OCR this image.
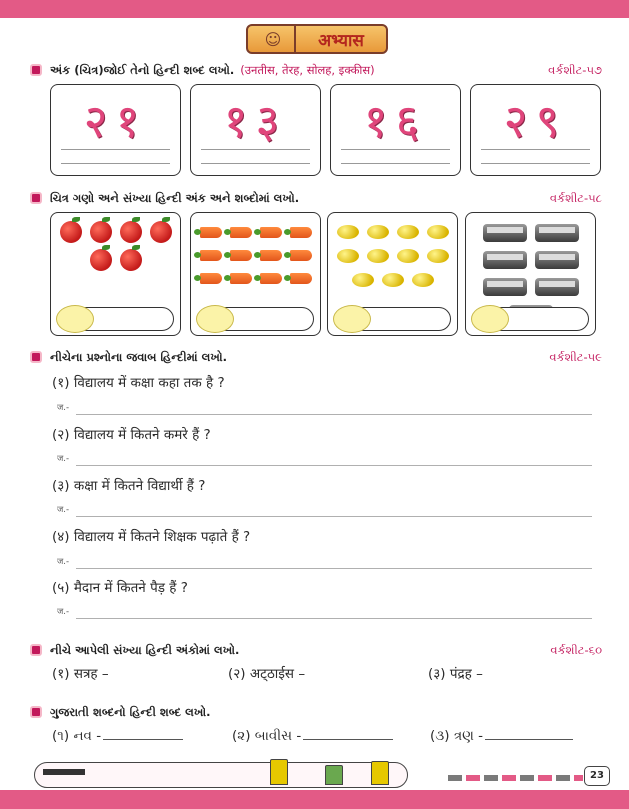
☺	अभ्यास
અંક (ચિત્ર)જોઈ તેનો હિન્દી શબ્દ લખો. (उनतीस, तेरह, सोलह, इक्कीस)	વર્કશીટ-૫૭
२१	१३	१६	२९
ચિત્ર ગણો અને સંખ્યા હિન્દી અંક અને શબ્દોમાં લખો.	વર્કશીટ-૫૮
નીચેના પ્રશ્નોના જવાબ હિન્દીમાં લખો.	વર્કશીટ-૫૯
(१) विद्यालय में कक्षा कहा तक है ?
ज.-
(२) विद्यालय में कितने कमरे हैं ?
ज.-
(३) कक्षा में कितने विद्यार्थी हैं ?
ज.-
(४) विद्यालय में कितने शिक्षक पढ़ाते हैं ?
ज.-
(५) मैदान में कितने पैड़ हैं ?
ज.-
નીચે આપેલી સંખ્યા હિન્દી અંકોમાં લખો.	વર્કશીટ-૬૦
(१) सत्रह –	(२) अट्‌ठाईस –	(३) पंद्रह –
ગુજરાતી શબ્દનો હિન્દી શબ્દ લખો.
(૧) નવ -	(૨) બાવીસ -	(૩) ત્રણ -
23
